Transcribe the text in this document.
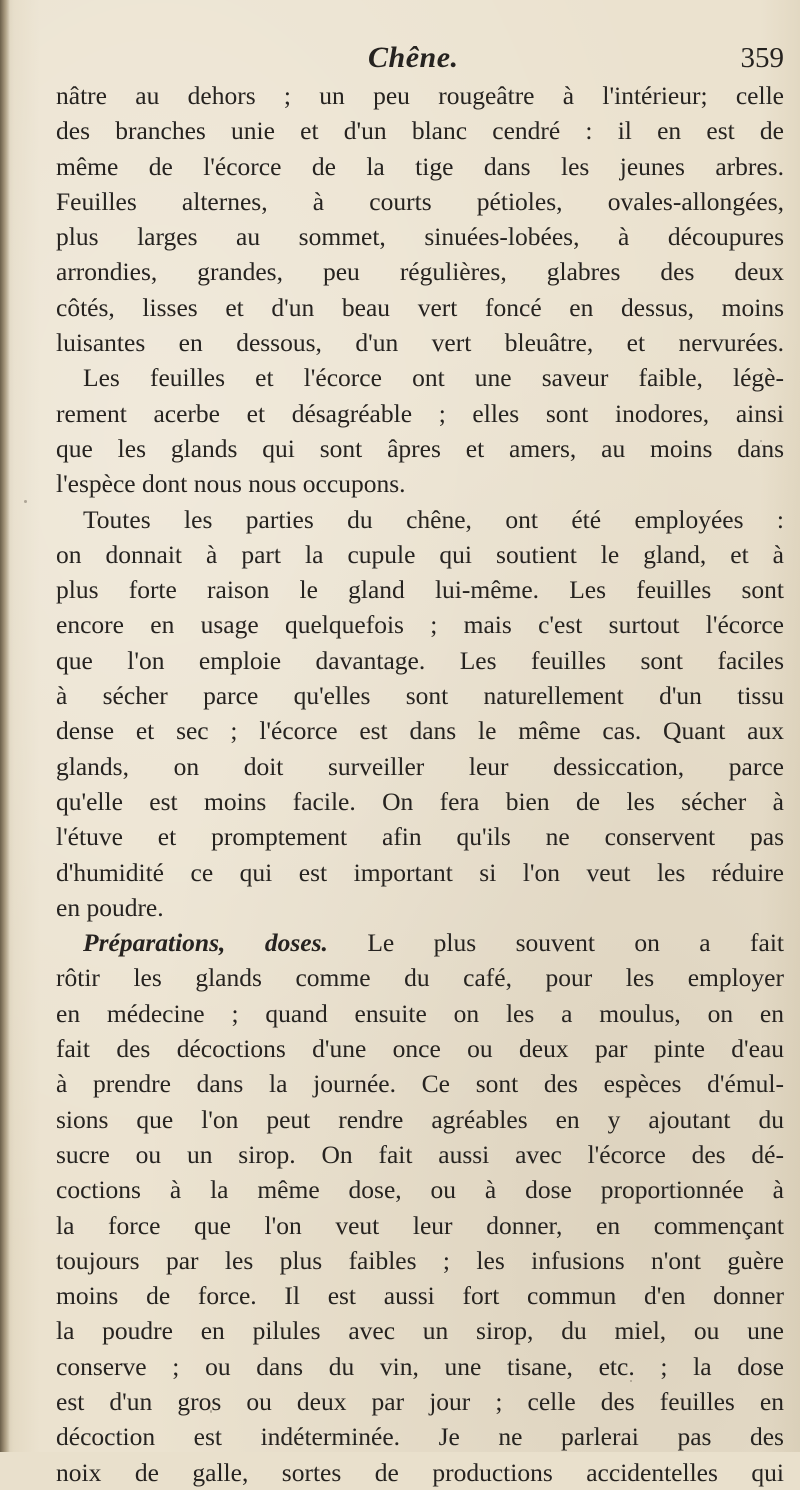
Chêne.	359
nâtre au dehors ; un peu rougeâtre à l'intérieur; celle
des branches unie et d'un blanc cendré : il en est de
même de l'écorce de la tige dans les jeunes arbres.
Feuilles alternes, à courts pétioles, ovales-allongées,
plus larges au sommet, sinuées-lobées, à découpures
arrondies, grandes, peu régulières, glabres des deux
côtés, lisses et d'un beau vert foncé en dessus, moins
luisantes en dessous, d'un vert bleuâtre, et nervurées.
Les feuilles et l'écorce ont une saveur faible, légè-
rement acerbe et désagréable ; elles sont inodores, ainsi
que les glands qui sont âpres et amers, au moins dans
l'espèce dont nous nous occupons.
Toutes les parties du chêne, ont été employées :
on donnait à part la cupule qui soutient le gland, et à
plus forte raison le gland lui-même. Les feuilles sont
encore en usage quelquefois ; mais c'est surtout l'écorce
que l'on emploie davantage. Les feuilles sont faciles
à sécher parce qu'elles sont naturellement d'un tissu
dense et sec ; l'écorce est dans le même cas. Quant aux
glands, on doit surveiller leur dessiccation, parce
qu'elle est moins facile. On fera bien de les sécher à
l'étuve et promptement afin qu'ils ne conservent pas
d'humidité ce qui est important si l'on veut les réduire
en poudre.
Préparations, doses. Le plus souvent on a fait
rôtir les glands comme du café, pour les employer
en médecine ; quand ensuite on les a moulus, on en
fait des décoctions d'une once ou deux par pinte d'eau
à prendre dans la journée. Ce sont des espèces d'émul-
sions que l'on peut rendre agréables en y ajoutant du
sucre ou un sirop. On fait aussi avec l'écorce des dé-
coctions à la même dose, ou à dose proportionnée à
la force que l'on veut leur donner, en commençant
toujours par les plus faibles ; les infusions n'ont guère
moins de force. Il est aussi fort commun d'en donner
la poudre en pilules avec un sirop, du miel, ou une
conserve ; ou dans du vin, une tisane, etc. ; la dose
est d'un gros ou deux par jour ; celle des feuilles en
décoction est indéterminée. Je ne parlerai pas des
noix de galle, sortes de productions accidentelles qui
